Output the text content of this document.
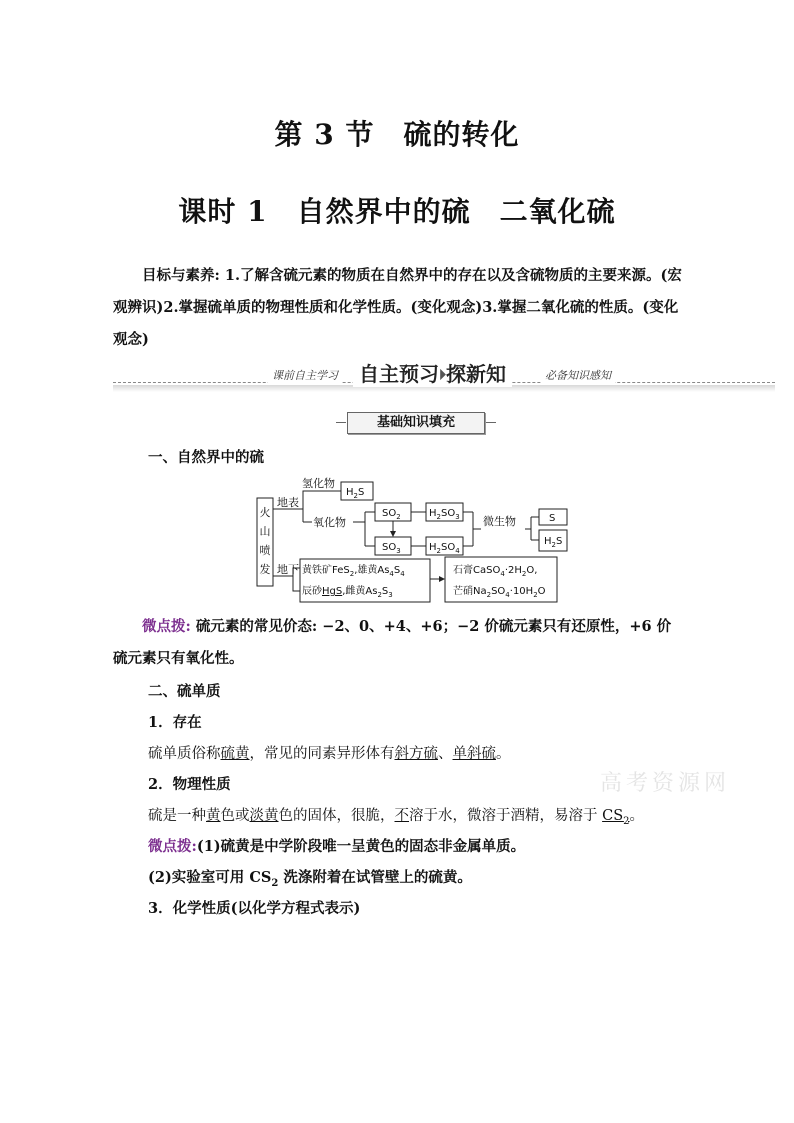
第 3 节　硫的转化
课时 1　自然界中的硫　二氧化硫
目标与素养: 1.了解含硫元素的物质在自然界中的存在以及含硫物质的主要来源。(宏观辨识)2.掌握硫单质的物理性质和化学性质。(变化观念)3.掌握二氧化硫的性质。(变化观念)
课前自主学习	自主预习⏵探新知	必备知识感知
基础知识填充
一、自然界中的硫
火
山
喷
发
地表
地下
氢化物
氧化物	微生物
$H_2S$
$SO_2$
$SO_3$
$H_2SO_3$
$H_2SO_4$
S
$H_2S$
黄铁矿FeS$_2$,雄黄$As_4S_4$
辰砂HgS,雌黄$As_2S_3$
石膏$CaSO_4\cdot 2H_2O$,
芒硝$Na_2SO_4\cdot 10H_2O$
微点拨: 硫元素的常见价态: −2、0、+4、+6；−2 价硫元素只有还原性，+6 价硫元素只有氧化性。
二、硫单质
1．存在
硫单质俗称硫黄，常见的同素异形体有斜方硫、单斜硫。
2．物理性质
硫是一种黄色或淡黄色的固体，很脆，不溶于水，微溶于酒精，易溶于 $CS_2$。
微点拨:(1)硫黄是中学阶段唯一呈黄色的固态非金属单质。
(2)实验室可用 $CS_2$ 洗涤附着在试管壁上的硫黄。
3．化学性质(以化学方程式表示)
高考资源网
